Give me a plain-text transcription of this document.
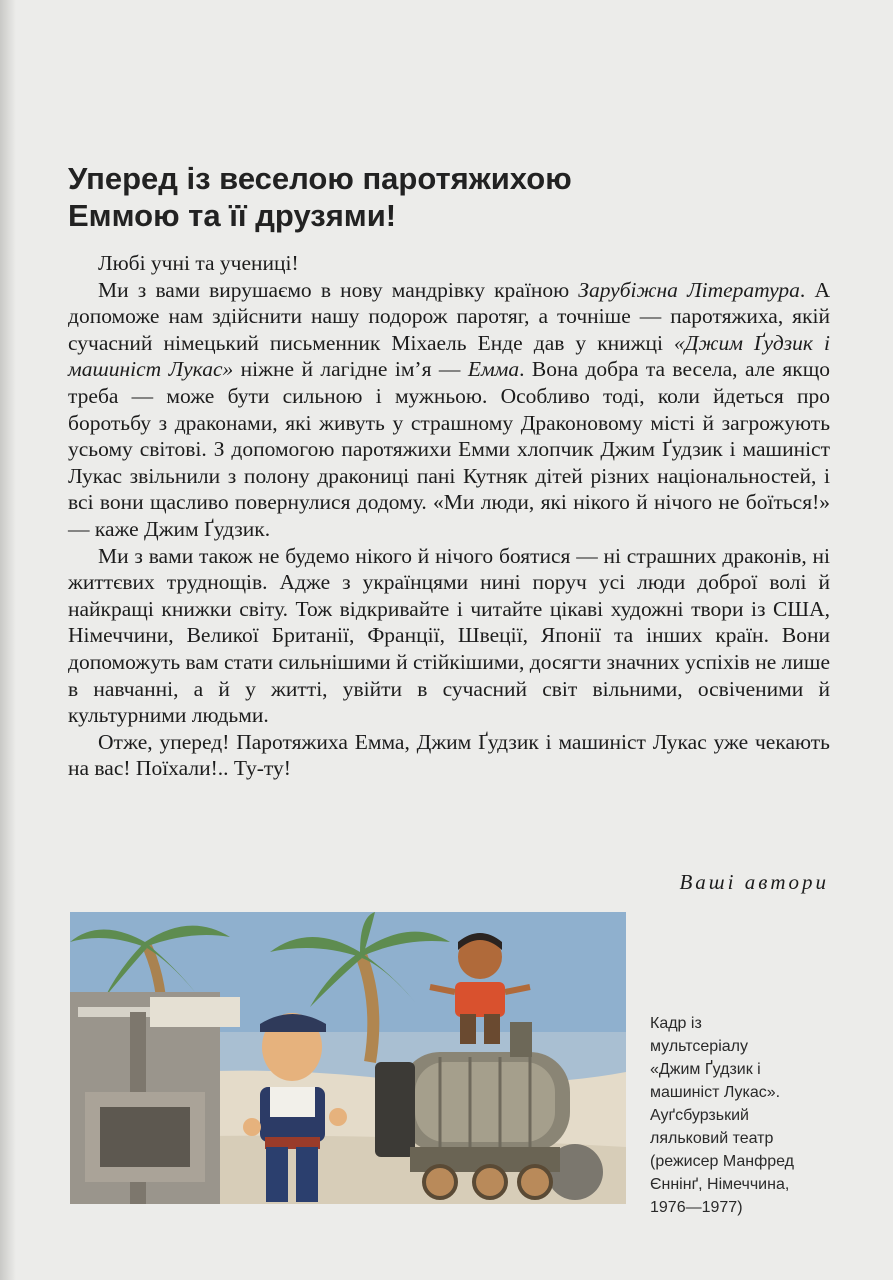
Уперед із веселою паротяжихою
Еммою та її друзями!

Любі учні та учениці!

Ми з вами вирушаємо в нову мандрівку країною Зарубіжна Література. А допоможе нам здійснити нашу подорож паротяг, а точніше — паротяжиха, якій сучасний німецький письменник Міхаель Енде дав у книжці «Джим Ґудзик і машиніст Лукас» ніжне й лагідне ім’я — Емма. Вона добра та весела, але якщо треба — може бути сильною і мужньою. Особливо тоді, коли йдеться про боротьбу з драконами, які живуть у страшному Драконовому місті й загрожують усьому світові. З допомогою паротяжихи Емми хлопчик Джим Ґудзик і машиніст Лукас звільнили з полону драконицi пані Кутняк дітей різних національностей, і всі вони щасливо повернулися додому. «Ми люди, які нікого й нічого не боїться!» — каже Джим Ґудзик.

Ми з вами також не будемо нікого й нічого боятися — ні страшних драконів, ні життєвих труднощів. Адже з українцями нині поруч усі люди доброї волі й найкращі книжки світу. Тож відкривайте і читайте цікаві художні твори із США, Німеччини, Великої Британії, Франції, Швеції, Японії та інших країн. Вони допоможуть вам стати сильнішими й стійкішими, досягти значних успіхів не лише в навчанні, а й у житті, увійти в сучасний світ вільними, освіченими й культурними людьми.

Отже, уперед! Паротяжиха Емма, Джим Ґудзик і машиніст Лукас уже чекають на вас! Поїхали!.. Ту-ту!

Ваші автори
Кадр із
мультсеріалу
«Джим Ґудзик і
машиніст Лукас».
Ауґсбурзький
ляльковий театр
(режисер Манфред
Єннінґ, Німеччина,
1976—1977)
